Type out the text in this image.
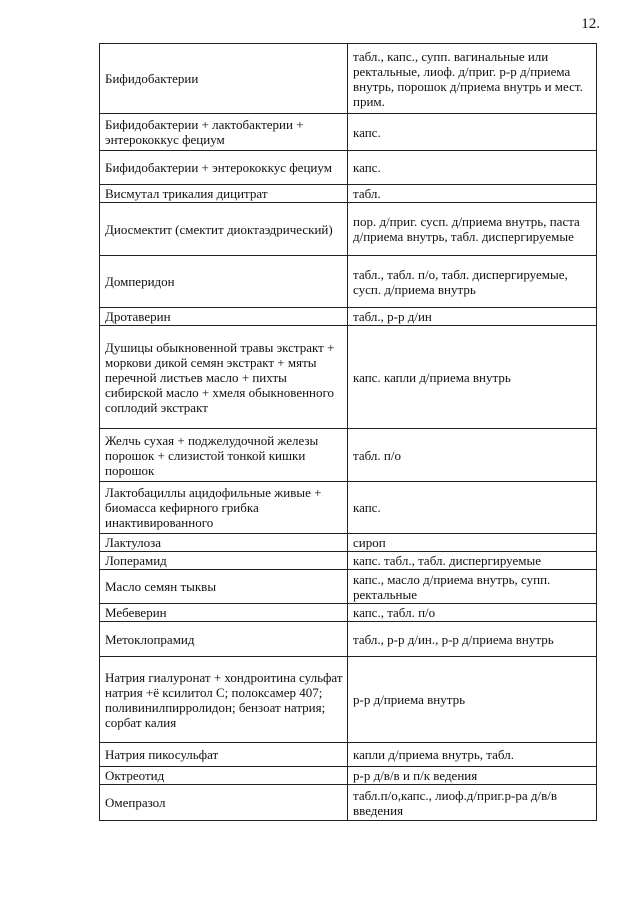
12.
Бифидобактерии	табл., капс., супп. вагинальные или ректальные, лиоф. д/приг. р-р д/приема внутрь, порошок д/приема внутрь и мест. прим.
Бифидобактерии + лактобактерии + энтерококкус фециум	капс.
Бифидобактерии + энтерококкус фециум	капс.
Висмутал трикалия дицитрат	табл.
Диосмектит (смектит диоктаэдрический)	пор. д/приг. сусп. д/приема внутрь, паста д/приема внутрь, табл. диспергируемые
Домперидон	табл., табл. п/о, табл. диспергируемые, сусп. д/приема внутрь
Дротаверин	табл., р-р д/ин
Душицы обыкновенной травы экстракт + моркови дикой семян экстракт + мяты перечной листьев масло + пихты сибирской масло + хмеля обыкновенного соплодий экстракт	капс. капли д/приема внутрь
Желчь сухая + поджелудочной железы порошок + слизистой тонкой кишки порошок	табл. п/о
Лактобациллы ацидофильные живые + биомасса кефирного грибка инактивированного	капс.
Лактулоза	сироп
Лоперамид	капс. табл., табл. диспергируемые
Масло семян тыквы	капс., масло д/приема внутрь, супп. ректальные
Мебеверин	капс., табл. п/о
Метоклопрамид	табл., р-р д/ин., р-р д/приема внутрь
Натрия гиалуронат + хондроитина сульфат натрия +ё ксилитол С; полоксамер 407; поливинилпирролидон; бензоат натрия; сорбат калия	р-р д/приема внутрь
Натрия пикосульфат	капли д/приема внутрь, табл.
Октреотид	р-р д/в/в и п/к ведения
Омепразол	табл.п/о,капс., лиоф.д/приг.р-ра д/в/в введения
